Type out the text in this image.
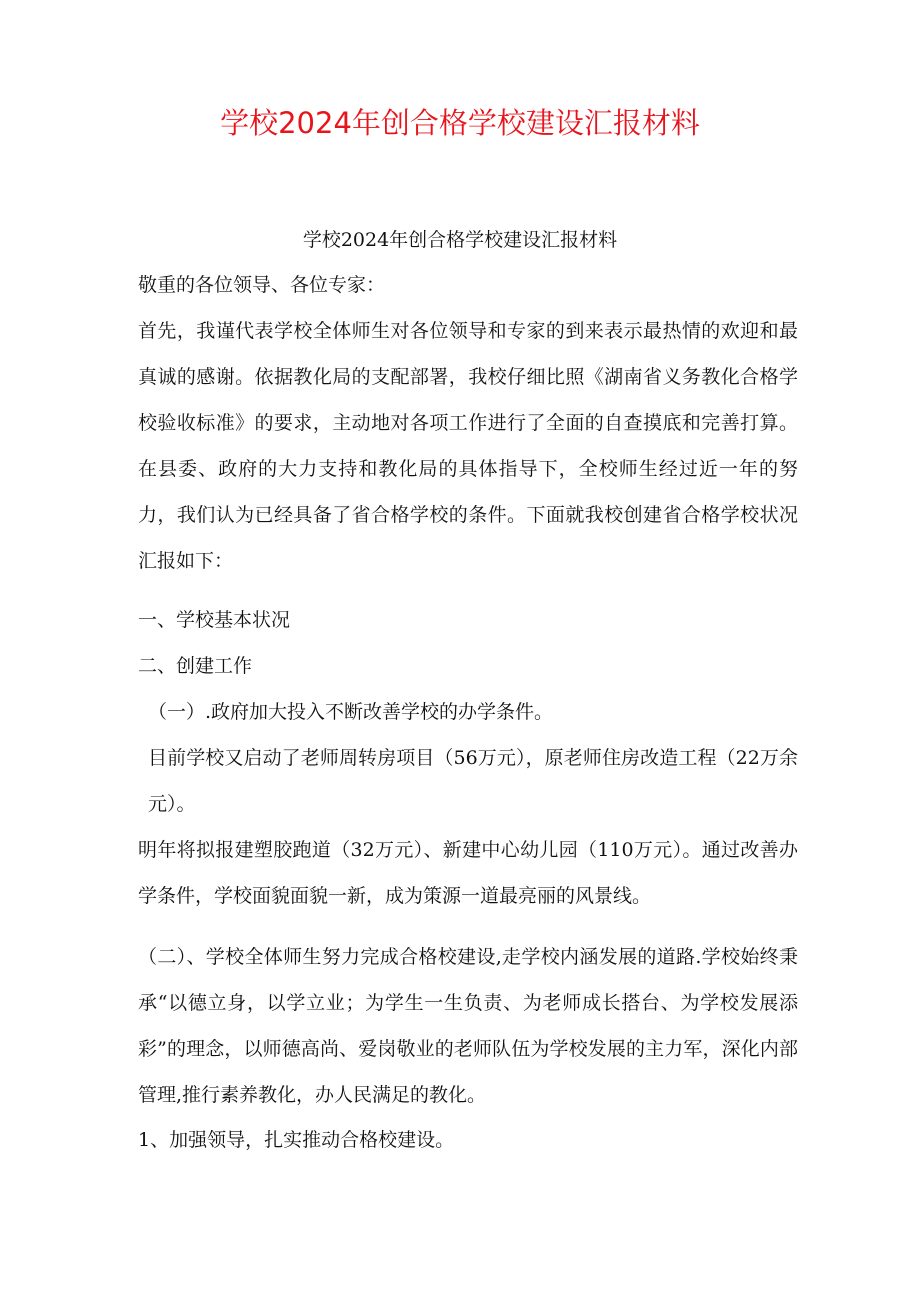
学校2024年创合格学校建设汇报材料
学校2024年创合格学校建设汇报材料
敬重的各位领导、各位专家：

首先，我谨代表学校全体师生对各位领导和专家的到来表示最热情的欢迎和最真诚的感谢。依据教化局的支配部署，我校仔细比照《湖南省义务教化合格学校验收标准》的要求，主动地对各项工作进行了全面的自查摸底和完善打算。在县委、政府的大力支持和教化局的具体指导下，全校师生经过近一年的努力，我们认为已经具备了省合格学校的条件。下面就我校创建省合格学校状况汇报如下：

一、学校基本状况
二、创建工作
（一）.政府加大投入不断改善学校的办学条件。

目前学校又启动了老师周转房项目（56万元），原老师住房改造工程（22万余元）。

明年将拟报建塑胶跑道（32万元）、新建中心幼儿园（110万元）。通过改善办学条件，学校面貌面貌一新，成为策源一道最亮丽的风景线。

（二）、学校全体师生努力完成合格校建设,走学校内涵发展的道路.学校始终秉承“以德立身，以学立业；为学生一生负责、为老师成长搭台、为学校发展添彩”的理念，以师德高尚、爱岗敬业的老师队伍为学校发展的主力军，深化内部管理,推行素养教化，办人民满足的教化。

1、加强领导，扎实推动合格校建设。
